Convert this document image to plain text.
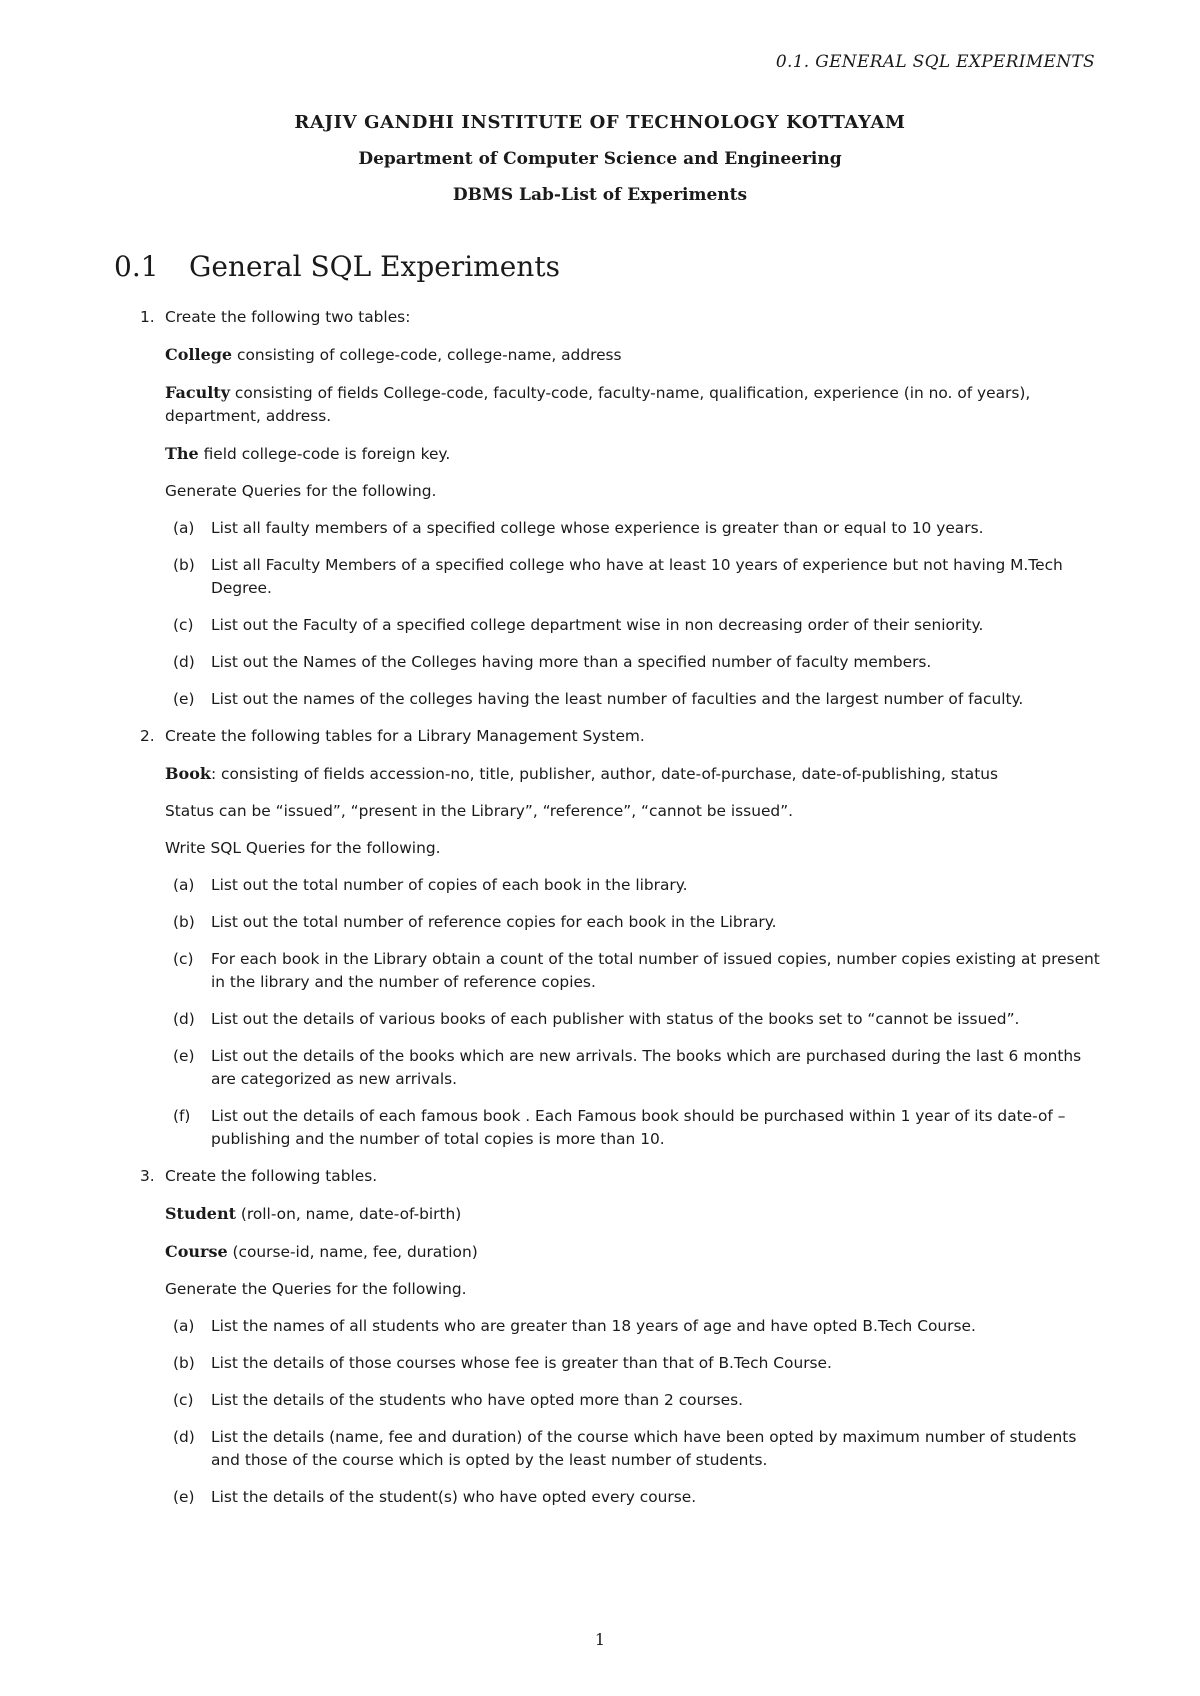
0.1. GENERAL SQL EXPERIMENTS
RAJIV GANDHI INSTITUTE OF TECHNOLOGY KOTTAYAM
Department of Computer Science and Engineering
DBMS Lab-List of Experiments
0.1 General SQL Experiments
1. Create the following two tables:

College consisting of college-code, college-name, address

Faculty consisting of fields College-code, faculty-code, faculty-name, qualification, experience (in no. of years), department, address.

The field college-code is foreign key.

Generate Queries for the following.

(a) List all faulty members of a specified college whose experience is greater than or equal to 10 years.
(b) List all Faculty Members of a specified college who have at least 10 years of experience but not having M.Tech Degree.
(c) List out the Faculty of a specified college department wise in non decreasing order of their seniority.
(d) List out the Names of the Colleges having more than a specified number of faculty members.
(e) List out the names of the colleges having the least number of faculties and the largest number of faculty.
2. Create the following tables for a Library Management System.

Book: consisting of fields accession-no, title, publisher, author, date-of-purchase, date-of-publishing, status

Status can be “issued”, “present in the Library”, “reference”, “cannot be issued”.

Write SQL Queries for the following.

(a) List out the total number of copies of each book in the library.
(b) List out the total number of reference copies for each book in the Library.
(c) For each book in the Library obtain a count of the total number of issued copies, number copies existing at present in the library and the number of reference copies.
(d) List out the details of various books of each publisher with status of the books set to “cannot be issued”.
(e) List out the details of the books which are new arrivals. The books which are purchased during the last 6 months are categorized as new arrivals.
(f) List out the details of each famous book . Each Famous book should be purchased within 1 year of its date-of –publishing and the number of total copies is more than 10.
3. Create the following tables.

Student (roll-on, name, date-of-birth)

Course (course-id, name, fee, duration)

Generate the Queries for the following.

(a) List the names of all students who are greater than 18 years of age and have opted B.Tech Course.
(b) List the details of those courses whose fee is greater than that of B.Tech Course.
(c) List the details of the students who have opted more than 2 courses.
(d) List the details (name, fee and duration) of the course which have been opted by maximum number of students and those of the course which is opted by the least number of students.
(e) List the details of the student(s) who have opted every course.
1
